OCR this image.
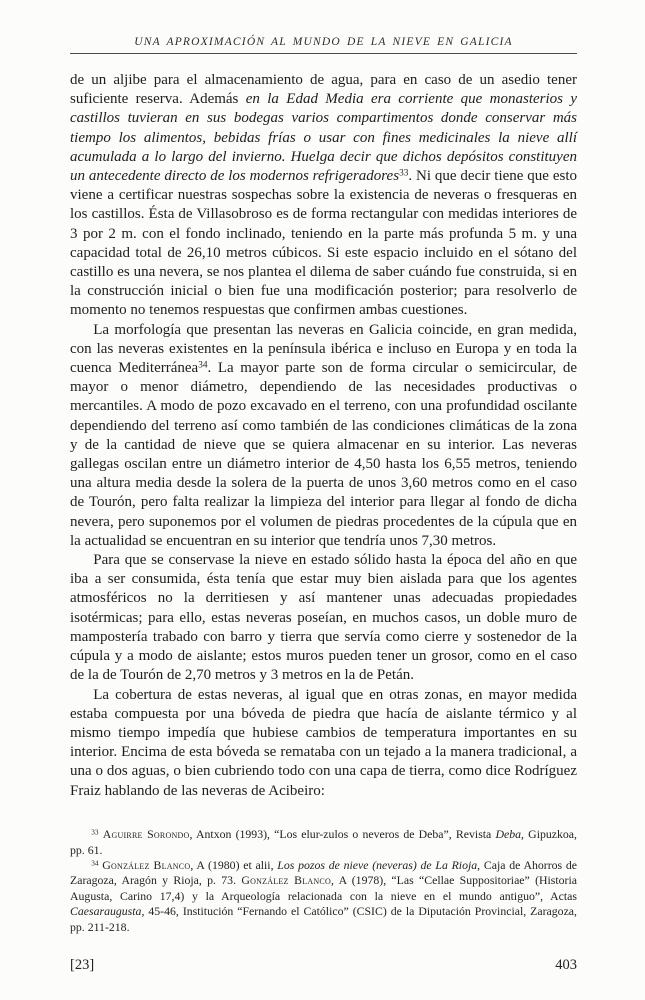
UNA APROXIMACIÓN AL MUNDO DE LA NIEVE EN GALICIA

de un aljibe para el almacenamiento de agua, para en caso de un asedio tener suficiente reserva. Además en la Edad Media era corriente que monasterios y castillos tuvieran en sus bodegas varios compartimentos donde conservar más tiempo los alimentos, bebidas frías o usar con fines medicinales la nieve allí acumulada a lo largo del invierno. Huelga decir que dichos depósitos constituyen un antecedente directo de los modernos refrigeradores$^{33}$. Ni que decir tiene que esto viene a certificar nuestras sospechas sobre la existencia de neveras o fresqueras en los castillos. Ésta de Villasobroso es de forma rectangular con medidas interiores de 3 por 2 m. con el fondo inclinado, teniendo en la parte más profunda 5 m. y una capacidad total de 26,10 metros cúbicos. Si este espacio incluido en el sótano del castillo es una nevera, se nos plantea el dilema de saber cuándo fue construida, si en la construcción inicial o bien fue una modificación posterior; para resolverlo de momento no tenemos respuestas que confirmen ambas cuestiones.

La morfología que presentan las neveras en Galicia coincide, en gran medida, con las neveras existentes en la península ibérica e incluso en Europa y en toda la cuenca Mediterránea$^{34}$. La mayor parte son de forma circular o semicircular, de mayor o menor diámetro, dependiendo de las necesidades productivas o mercantiles. A modo de pozo excavado en el terreno, con una profundidad oscilante dependiendo del terreno así como también de las condiciones climáticas de la zona y de la cantidad de nieve que se quiera almacenar en su interior. Las neveras gallegas oscilan entre un diámetro interior de 4,50 hasta los 6,55 metros, teniendo una altura media desde la solera de la puerta de unos 3,60 metros como en el caso de Tourón, pero falta realizar la limpieza del interior para llegar al fondo de dicha nevera, pero suponemos por el volumen de piedras procedentes de la cúpula que en la actualidad se encuentran en su interior que tendría unos 7,30 metros.

Para que se conservase la nieve en estado sólido hasta la época del año en que iba a ser consumida, ésta tenía que estar muy bien aislada para que los agentes atmosféricos no la derritiesen y así mantener unas adecuadas propiedades isotérmicas; para ello, estas neveras poseían, en muchos casos, un doble muro de mampostería trabado con barro y tierra que servía como cierre y sostenedor de la cúpula y a modo de aislante; estos muros pueden tener un grosor, como en el caso de la de Tourón de 2,70 metros y 3 metros en la de Petán.

La cobertura de estas neveras, al igual que en otras zonas, en mayor medida estaba compuesta por una bóveda de piedra que hacía de aislante térmico y al mismo tiempo impedía que hubiese cambios de temperatura importantes en su interior. Encima de esta bóveda se remataba con un tejado a la manera tradicional, a una o dos aguas, o bien cubriendo todo con una capa de tierra, como dice Rodríguez Fraiz hablando de las neveras de Acibeiro:

$^{33}$ Aguirre Sorondo, Antxon (1993), “Los elur-zulos o neveros de Deba”, Revista Deba, Gipuzkoa, pp. 61.

$^{34}$ González Blanco, A (1980) et alii, Los pozos de nieve (neveras) de La Rioja, Caja de Ahorros de Zaragoza, Aragón y Rioja, p. 73. González Blanco, A (1978), “Las “Cellae Suppositoriae” (Historia Augusta, Carino 17,4) y la Arqueología relacionada con la nieve en el mundo antiguo”, Actas Caesaraugusta, 45-46, Institución “Fernando el Católico” (CSIC) de la Diputación Provincial, Zaragoza, pp. 211-218.

[23]	403
